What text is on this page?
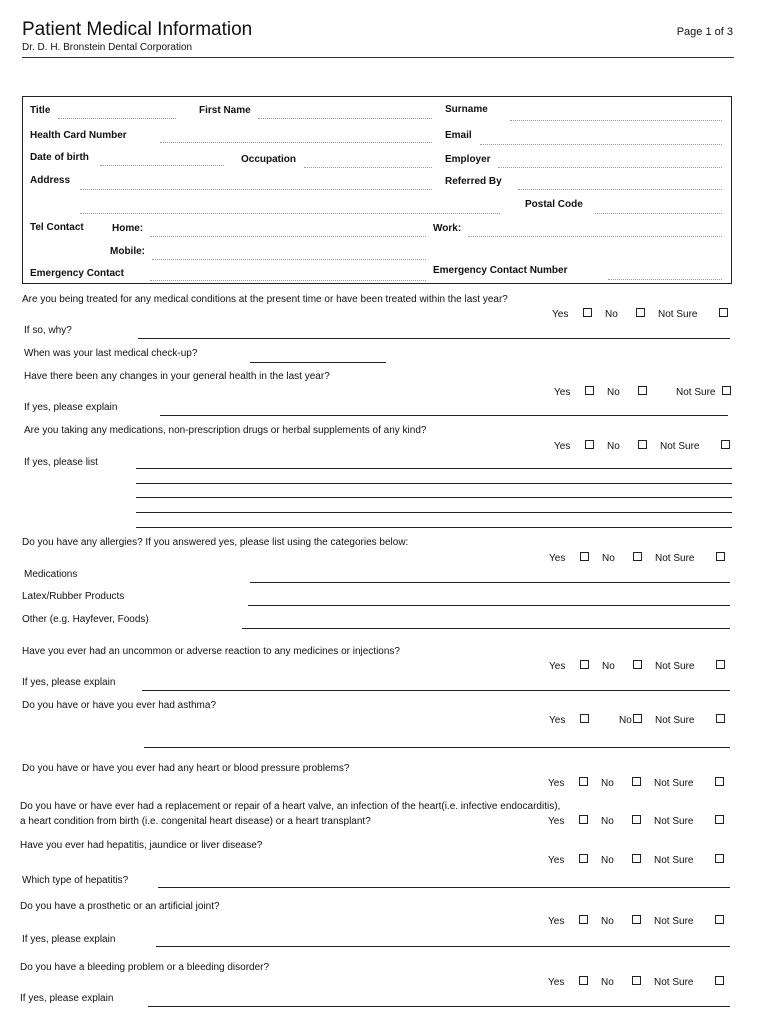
Patient Medical Information
Dr. D. H. Bronstein Dental Corporation
Page 1 of 3
Title	First Name	Surname
Health Card Number	Email
Date of birth	Occupation	Employer
Address	Referred By
Postal Code
Tel Contact	Home:	Work:
Mobile:
Emergency Contact	Emergency Contact Number
Are you being treated for any medical conditions at the present time or have been treated within the last year?
Yes	No	Not Sure
If so, why?
When was your last medical check-up?
Have there been any changes in your general health in the last year?
Yes	No	Not Sure
If yes, please explain
Are you taking any medications, non-prescription drugs or herbal supplements of any kind?
Yes	No	Not Sure
If yes, please list
Do you have any allergies? If you answered yes, please list using the categories below:
Yes	No	Not Sure
Medications
Latex/Rubber Products
Other (e.g. Hayfever, Foods)
Have you ever had an uncommon or adverse reaction to any medicines or injections?
Yes	No	Not Sure
If yes, please explain
Do you have or have you ever had asthma?
Yes	No Not Sure
Do you have or have you ever had any heart or blood pressure problems?
Yes	No	Not Sure
Do you have or have ever had a replacement or repair of a heart valve, an infection of the heart(i.e. infective endocarditis),
a heart condition from birth (i.e. congenital heart disease) or a heart transplant?	Yes	No	Not Sure
Have you ever had hepatitis, jaundice or liver disease?
Yes	No	Not Sure
Which type of hepatitis?
Do you have a prosthetic or an artificial joint?
Yes	No	Not Sure
If yes, please explain
Do you have a bleeding problem or a bleeding disorder?
Yes	No	Not Sure
If yes, please explain
